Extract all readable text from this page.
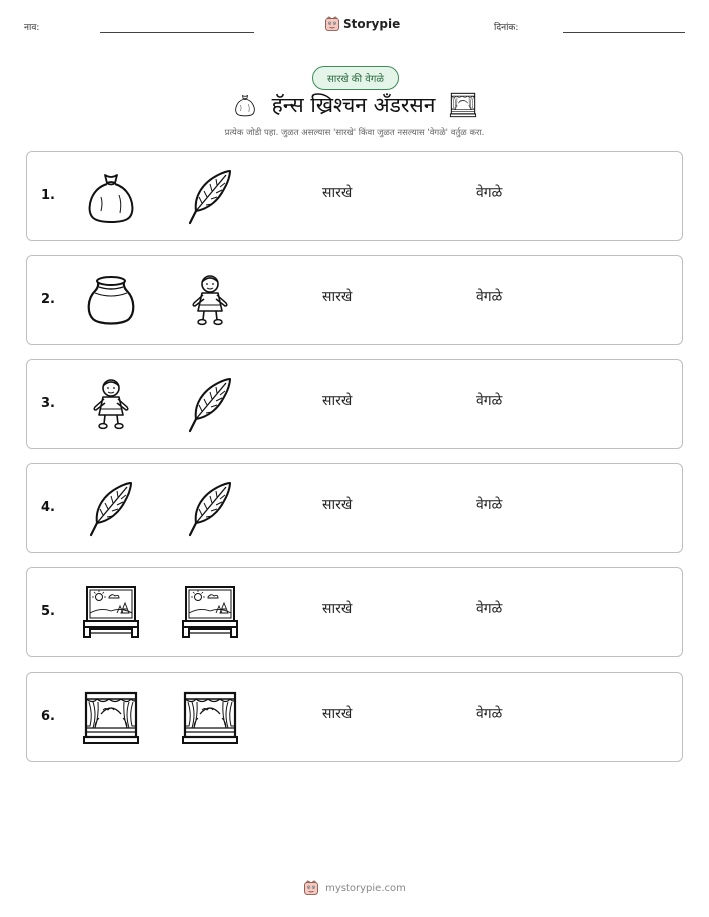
नाव:	Storypie	दिनांक:
सारखे की वेगळे
हॅन्स ख्रिश्चन अँडरसन
प्रत्येक जोडी पहा. जुळत असल्यास 'सारखे' किंवा जुळत नसल्यास 'वेगळे' वर्तुळ करा.
1.	सारखे	वेगळे
2.	सारखे	वेगळे
3.	सारखे	वेगळे
4.	सारखे	वेगळे
5.	सारखे	वेगळे
6.	सारखे	वेगळे
mystorypie.com
